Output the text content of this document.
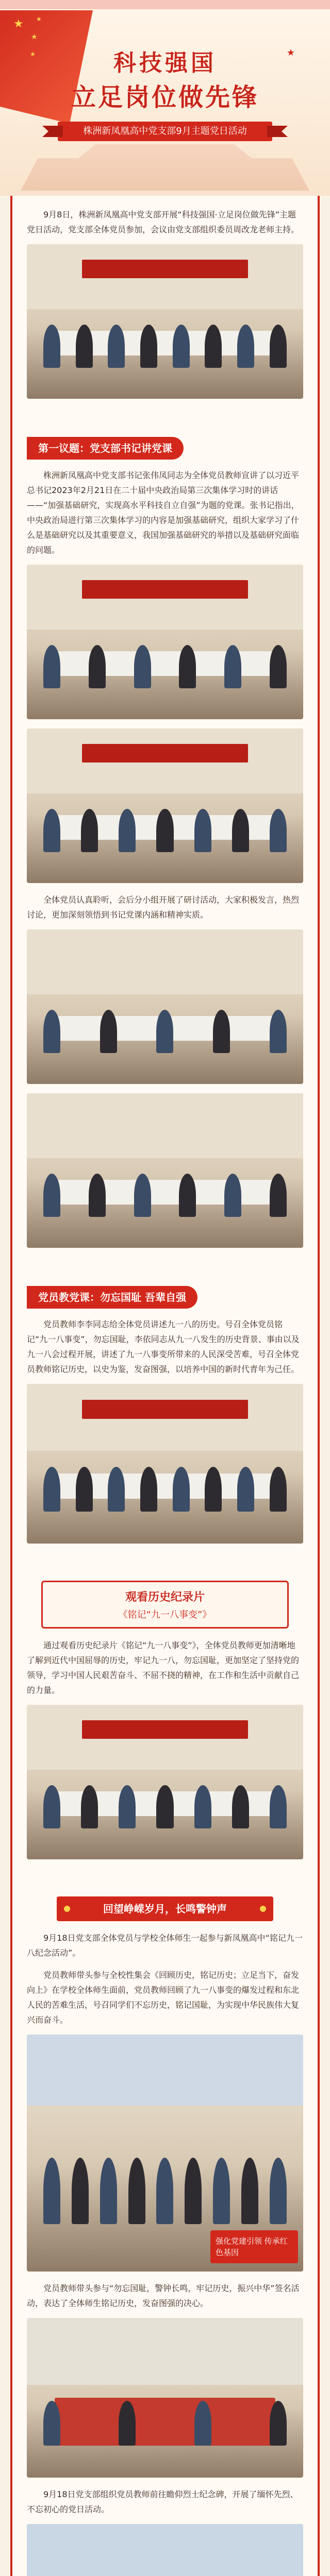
★
★
★
★	★
科技强国
立足岗位做先锋
株洲新凤凰高中党支部9月主题党日活动

9月8日，株洲新凤凰高中党支部开展“科技强国·立足岗位做先锋”主题党日活动，党支部全体党员参加，会议由党支部组织委员周改龙老师主持。

第一议题：党支部书记讲党课

株洲新凤凰高中党支部书记张伟凤同志为全体党员教师宣讲了以习近平总书记2023年2月21日在二十届中央政治局第三次集体学习时的讲话——“加强基础研究，实现高水平科技自立自强”为题的党课。张书记指出，中央政治局进行第三次集体学习的内容是加强基础研究，组织大家学习了什么是基础研究以及其重要意义，我国加强基础研究的举措以及基础研究面临的问题。

全体党员认真聆听，会后分小组开展了研讨活动，大家积极发言，热烈讨论，更加深刻领悟到书记党课内涵和精神实质。

党员教党课：勿忘国耻 吾辈自强

党员教师李李同志给全体党员讲述九一八的历史。号召全体党员铭记“九一八事变”，勿忘国耻，李依同志从九一八发生的历史背景、事由以及九一八会过程开展，讲述了九一八事变所带来的人民深受苦难，号召全体党员教师铭记历史，以史为鉴，发奋图强，以培养中国的新时代青年为己任。

观看历史纪录片
《铭记“九一八事变”》

通过观看历史纪录片《铭记“九一八事变”》，全体党员教师更加清晰地了解到近代中国屈辱的历史，牢记九一八，勿忘国耻，更加坚定了坚持党的领导，学习中国人民艰苦奋斗、不屈不挠的精神，在工作和生活中贡献自己的力量。

回望峥嵘岁月，长鸣警钟声

9月18日党支部全体党员与学校全体师生一起参与新凤凰高中“铭记九一八纪念活动”。

党员教师带头参与全校性集会《回顾历史，铭记历史；立足当下，奋发向上》在学校全体师生面前，党员教师回顾了九一八事变的爆发过程和东北人民的苦难生活，号召同学们不忘历史，铭记国耻，为实现中华民族伟大复兴而奋斗。

强化党建引领 传承红色基因

党员教师带头参与“勿忘国耻，警钟长鸣，牢记历史，振兴中华”签名活动，表达了全体师生铭记历史，发奋图强的决心。

9月18日党支部组织党员教师前往瞻仰烈士纪念碑，开展了缅怀先烈、不忘初心的党日活动。
